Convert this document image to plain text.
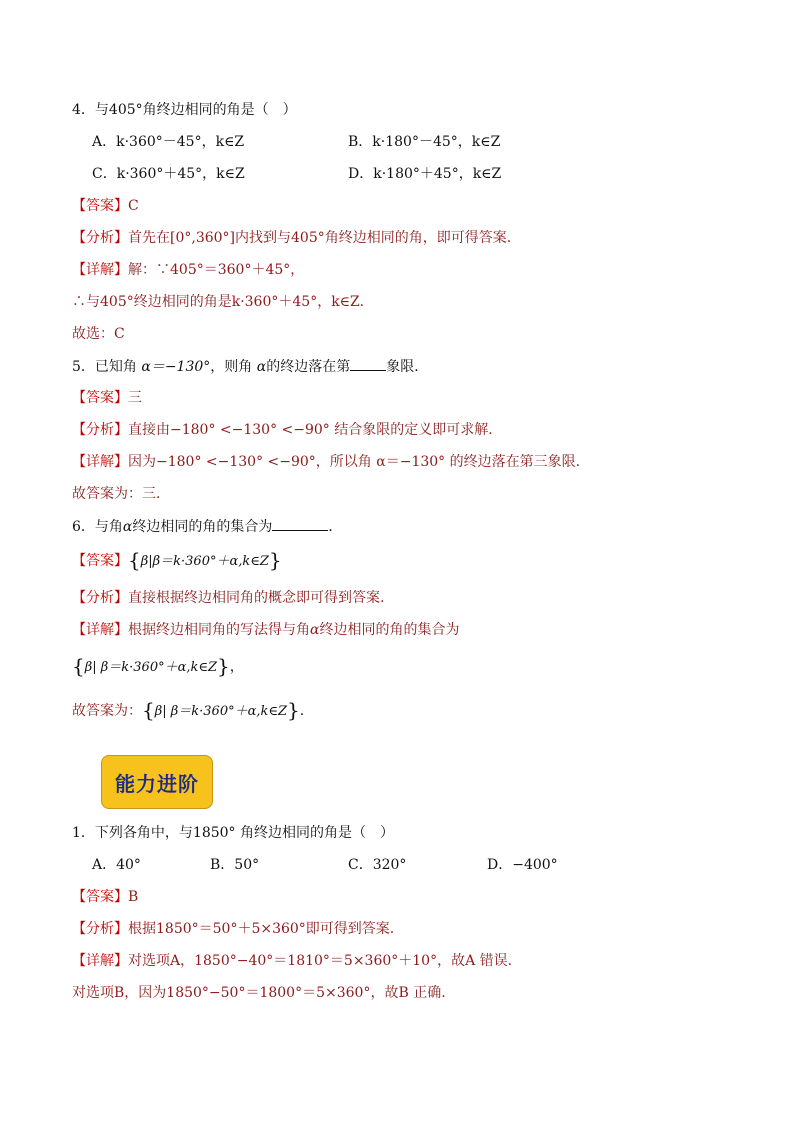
4．与405°角终边相同的角是（　）
A．k·360°－45°，k∈Z	B．k·180°－45°，k∈Z
C．k·360°＋45°，k∈Z	D．k·180°＋45°，k∈Z
【答案】C
【分析】首先在[0°,360°]内找到与405°角终边相同的角，即可得答案.
【详解】解：∵405°＝360°＋45°，
∴与405°终边相同的角是k·360°＋45°，k∈Z.
故选：C
5．已知角 α＝−130°，则角 α的终边落在第	象限．
【答案】三
【分析】直接由−180° <−130° <−90° 结合象限的定义即可求解.
【详解】因为−180° <−130° <−90°，所以角 α＝−130° 的终边落在第三象限.
故答案为：三.
6．与角α终边相同的角的集合为	．
【答案】{β|β＝k·360°＋α,k∈Z}
【分析】直接根据终边相同角的概念即可得到答案.
【详解】根据终边相同角的写法得与角α终边相同的角的集合为
{β| β＝k·360°＋α,k∈Z}，
故答案为：{β| β＝k·360°＋α,k∈Z}.
能力进阶
1．下列各角中，与1850° 角终边相同的角是（　）
A．40°	B．50°	C．320°	D．−400°
【答案】B
【分析】根据1850°＝50°＋5×360°即可得到答案.
【详解】对选项A，1850°−40°＝1810°＝5×360°＋10°，故A 错误.
对选项B，因为1850°−50°＝1800°＝5×360°，故B 正确.
